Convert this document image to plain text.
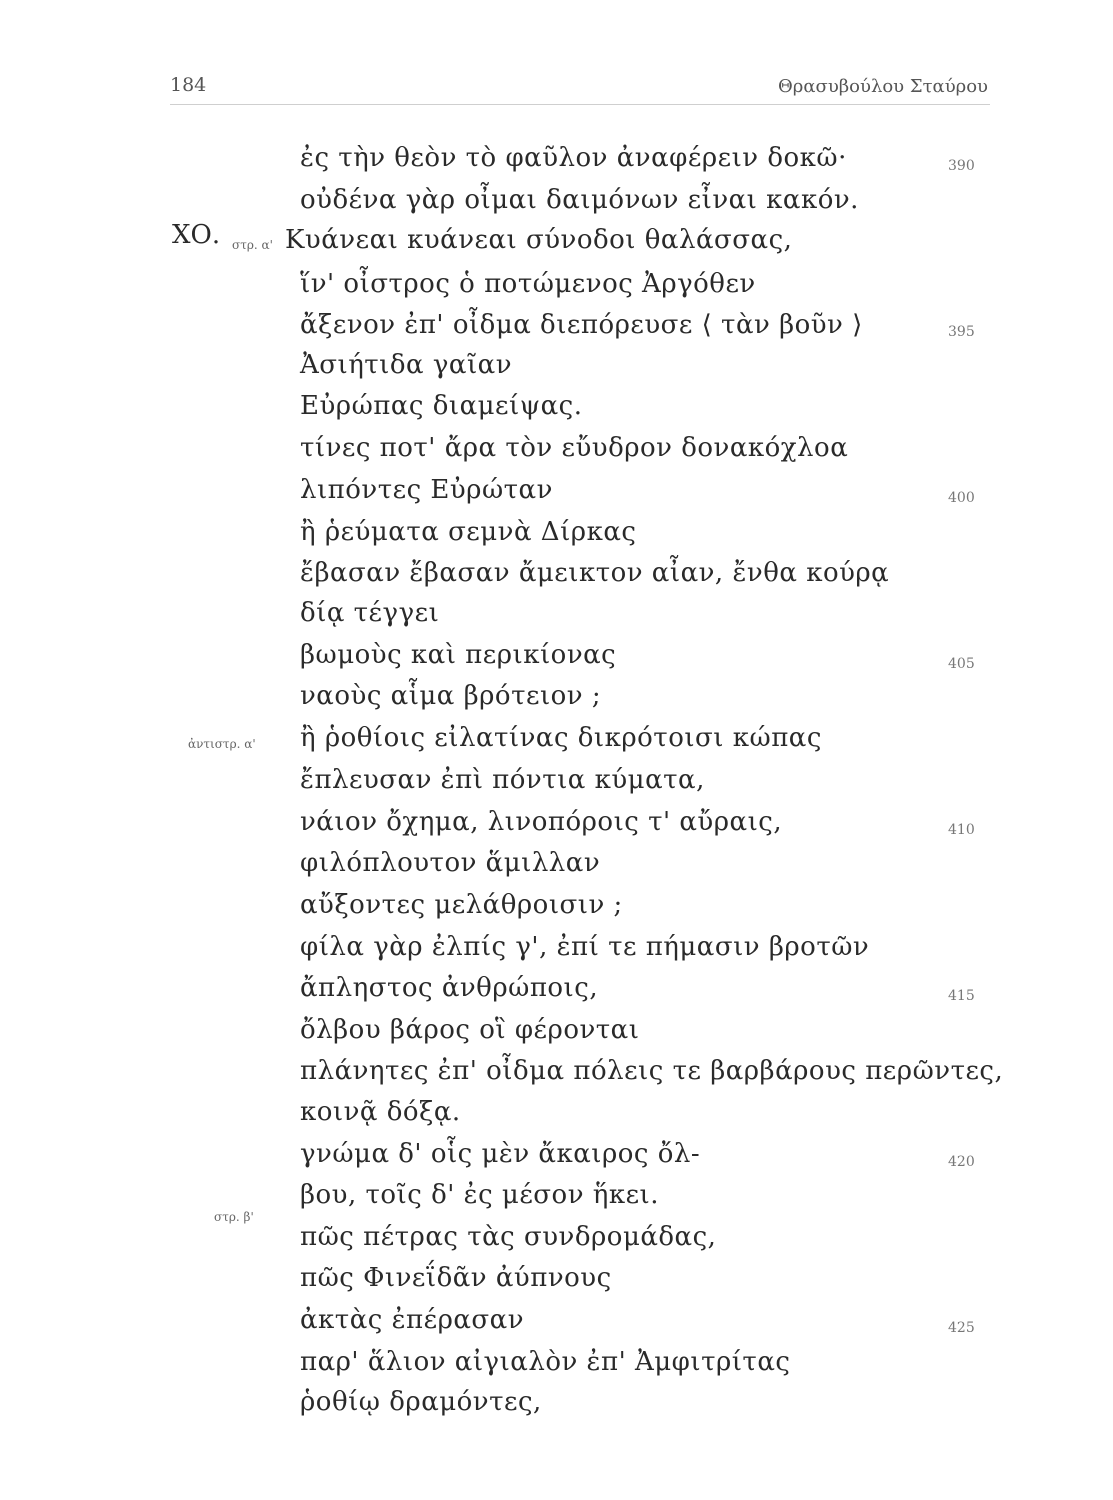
184	Θρασυβούλου Σταύρου
ΧΟ. στρ. α'
ἀντιστρ. α'
στρ. β'
390
395
400
405
410
415
420
425
ἐς τὴν θεὸν τὸ φαῦλον ἀναφέρειν δοκῶ·
οὐδένα γὰρ οἶμαι δαιμόνων εἶναι κακόν.
Κυάνεαι κυάνεαι σύνοδοι θαλάσσας,
ἵν' οἶστρος ὁ ποτώμενος Ἀργόθεν
ἄξενον ἐπ' οἶδμα διεπόρευσε ⟨ τὰν βοῦν ⟩
Ἀσιήτιδα γαῖαν
Εὐρώπας διαμείψας.
τίνες ποτ' ἄρα τὸν εὔυδρον δονακόχλοα
λιπόντες Εὐρώταν
ἢ ῥεύματα σεμνὰ Δίρκας
ἔβασαν ἔβασαν ἄμεικτον αἶαν, ἔνθα κούρᾳ
δίᾳ τέγγει
βωμοὺς καὶ περικίονας
ναοὺς αἷμα βρότειον ;
ἢ ῥοθίοις εἰλατίνας δικρότοισι κώπας
ἔπλευσαν ἐπὶ πόντια κύματα,
νάιον ὄχημα, λινοπόροις τ' αὔραις,
φιλόπλουτον ἅμιλλαν
αὔξοντες μελάθροισιν ;
φίλα γὰρ ἐλπίς γ', ἐπί τε πήμασιν βροτῶν
ἄπληστος ἀνθρώποις,
ὄλβου βάρος οἳ φέρονται
πλάνητες ἐπ' οἶδμα πόλεις τε βαρβάρους περῶντες,
κοινᾷ δόξᾳ.
γνώμα δ' οἷς μὲν ἄκαιρος ὄλ-
βου, τοῖς δ' ἐς μέσον ἥκει.
πῶς πέτρας τὰς συνδρομάδας,
πῶς Φινεΐδᾶν ἀύπνους
ἀκτὰς ἐπέρασαν
παρ' ἅλιον αἰγιαλὸν ἐπ' Ἀμφιτρίτας
ῥοθίῳ δραμόντες,
